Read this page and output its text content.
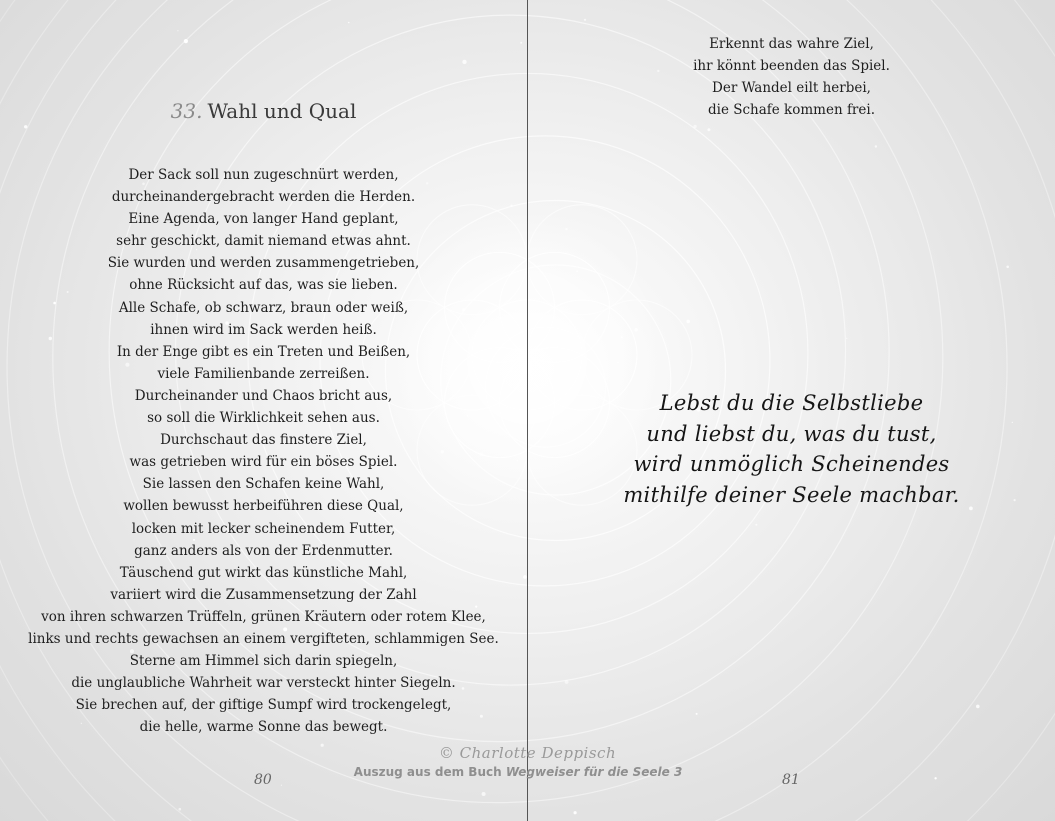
33. Wahl und Qual
Der Sack soll nun zugeschnürt werden,
durcheinandergebracht werden die Herden.
Eine Agenda, von langer Hand geplant,
sehr geschickt, damit niemand etwas ahnt.
Sie wurden und werden zusammengetrieben,
ohne Rücksicht auf das, was sie lieben.
Alle Schafe, ob schwarz, braun oder weiß,
ihnen wird im Sack werden heiß.
In der Enge gibt es ein Treten und Beißen,
viele Familienbande zerreißen.
Durcheinander und Chaos bricht aus,
so soll die Wirklichkeit sehen aus.
Durchschaut das finstere Ziel,
was getrieben wird für ein böses Spiel.
Sie lassen den Schafen keine Wahl,
wollen bewusst herbeiführen diese Qual,
locken mit lecker scheinendem Futter,
ganz anders als von der Erdenmutter.
Täuschend gut wirkt das künstliche Mahl,
variiert wird die Zusammensetzung der Zahl
von ihren schwarzen Trüffeln, grünen Kräutern oder rotem Klee,
links und rechts gewachsen an einem vergifteten, schlammigen See.
Sterne am Himmel sich darin spiegeln,
die unglaubliche Wahrheit war versteckt hinter Siegeln.
Sie brechen auf, der giftige Sumpf wird trockengelegt,
die helle, warme Sonne das bewegt.
80
Erkennt das wahre Ziel,
ihr könnt beenden das Spiel.
Der Wandel eilt herbei,
die Schafe kommen frei.
Lebst du die Selbstliebe
und liebst du, was du tust,
wird unmöglich Scheinendes
mithilfe deiner Seele machbar.
81
© Charlotte Deppisch
Auszug aus dem Buch Wegweiser für die Seele 3
